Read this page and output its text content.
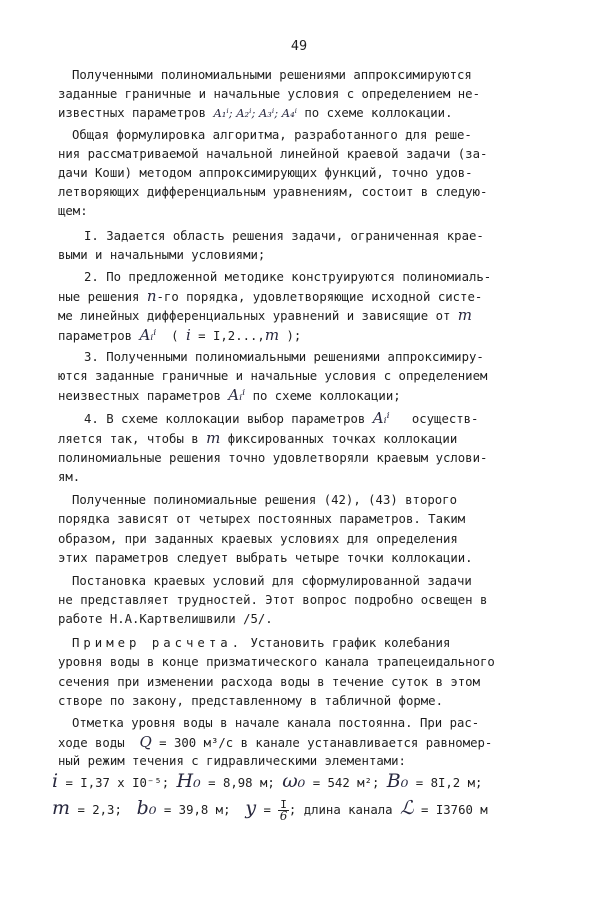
49
Полученными полиномиальными решениями аппроксимируются
заданные граничные и начальные условия с определением не-
известных параметров A₁ⁱ; A₂ⁱ; A₃ⁱ; A₄ⁱ по схеме коллокации.
Общая формулировка алгоритма, разработанного для реше-
ния рассматриваемой начальной линейной краевой задачи (за-
дачи Коши) методом аппроксимирующих функций, точно удов-
летворяющих дифференциальным уравнениям, состоит в следую-
щем:
I. Задается область решения задачи, ограниченная крае-
выми и начальными условиями;
2. По предложенной методике конструируются полиномиаль-
ные решения n-го порядка, удовлетворяющие исходной систе-
ме линейных дифференциальных уравнений и зависящие от m
параметров Aᵢⁱ ( i = I,2...,m );
3. Полученными полиномиальными решениями аппроксимиру-
ются заданные граничные и начальные условия с определением
неизвестных параметров Aᵢⁱ по схеме коллокации;
4. В схеме коллокации выбор параметров Aᵢⁱ осуществ-
ляется так, чтобы в m фиксированных точках коллокации
полиномиальные решения точно удовлетворяли краевым услови-
ям.
Полученные полиномиальные решения (42), (43) второго
порядка зависят от четырех постоянных параметров. Таким
образом, при заданных краевых условиях для определения
этих параметров следует выбрать четыре точки коллокации.
Постановка краевых условий для сформулированной задачи
не представляет трудностей. Этот вопрос подробно освещен в
работе Н.А.Картвелишвили /5/.
Пример расчета. Установить график колебания
уровня воды в конце призматического канала трапецеидального
сечения при изменении расхода воды в течение суток в этом
створе по закону, представленному в табличной форме.
Отметка уровня воды в начале канала постоянна. При рас-
ходе воды Q = 300 м³/с в канале устанавливается равномер-
ный режим течения с гидравлическими элементами:
i = I,37 x I0⁻⁵; H₀ = 8,98 м; ω₀ = 542 м²; B₀ = 8I,2 м;
m = 2,3; b₀ = 39,8 м; $y = \frac{I}{6}$ ; длина канала ℒ = I3760 м
